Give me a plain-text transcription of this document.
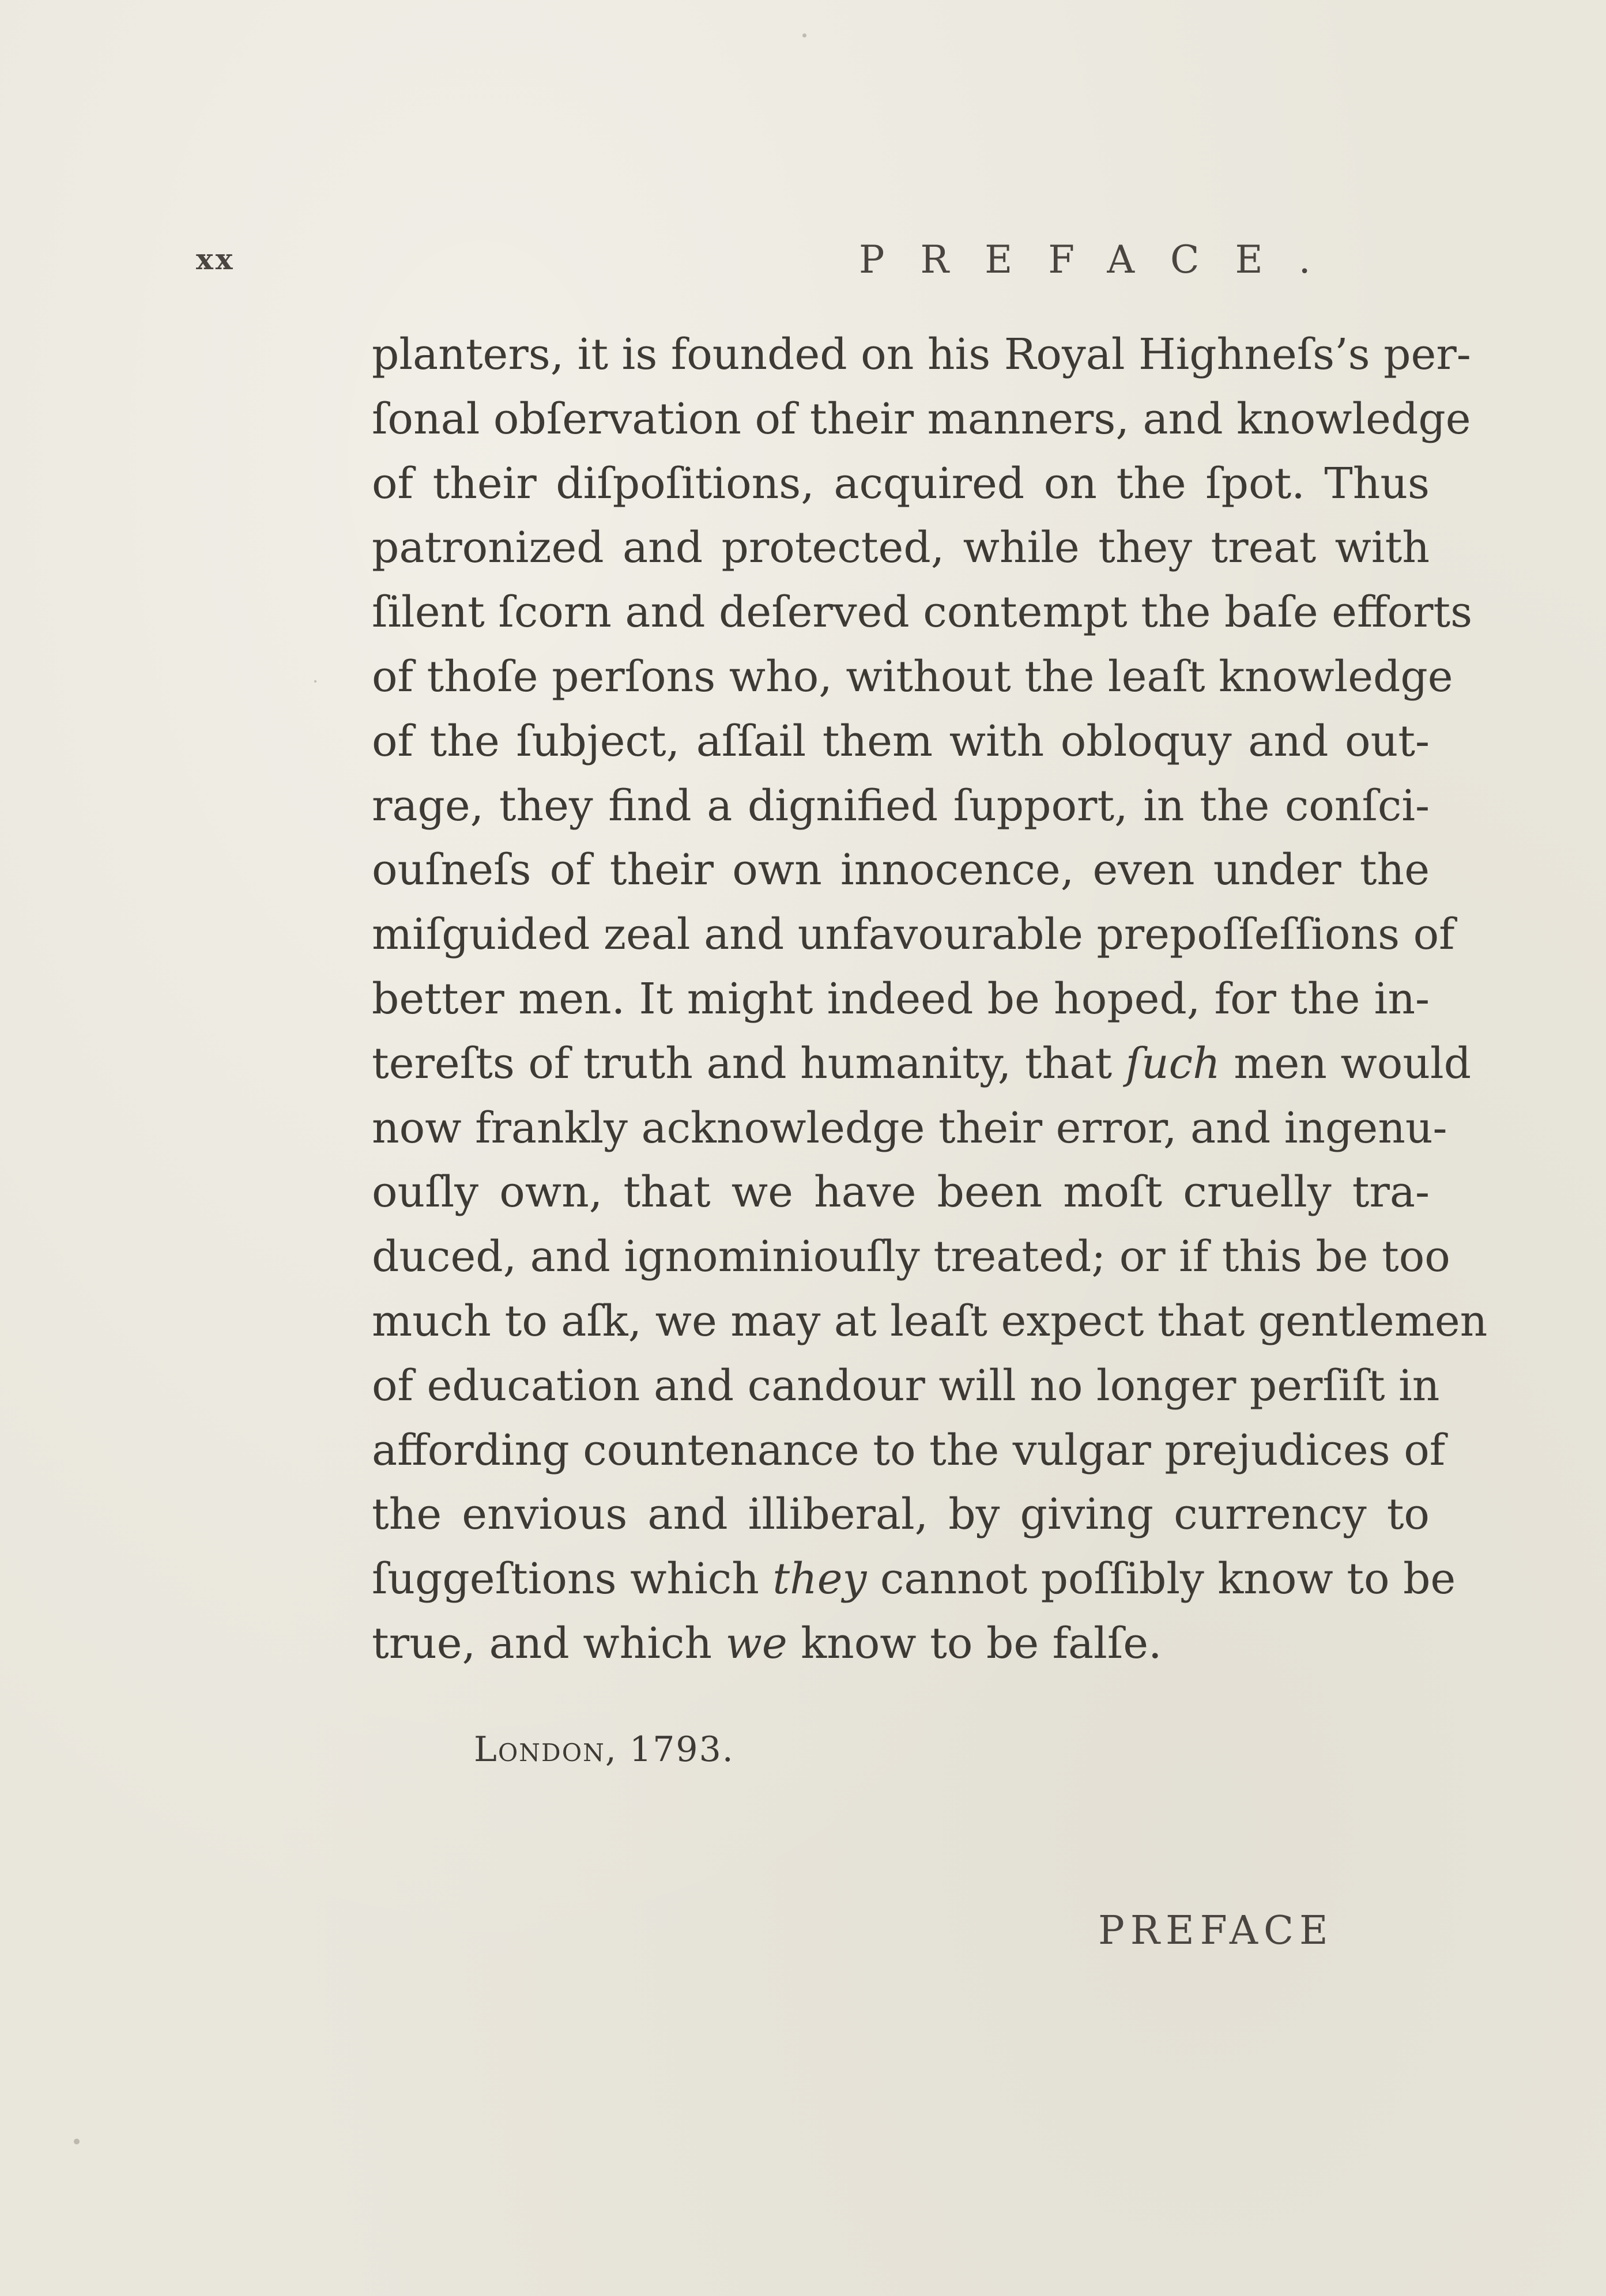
xx	PREFACE.
planters, it is founded on his Royal Highneſs’s per-
ſonal obſervation of their manners, and knowledge
of their diſpoſitions, acquired on the ſpot. Thus
patronized and protected, while they treat with
ſilent ſcorn and deſerved contempt the baſe efforts
of thoſe perſons who, without the leaſt knowledge
of the ſubject, aſſail them with obloquy and out-
rage, they find a dignified ſupport, in the conſci-
ouſneſs of their own innocence, even under the
miſguided zeal and unfavourable prepoſſeſſions of
better men. It might indeed be hoped, for the in-
tereſts of truth and humanity, that ſuch men would
now frankly acknowledge their error, and ingenu-
ouſly own, that we have been moſt cruelly tra-
duced, and ignominiouſly treated; or if this be too
much to aſk, we may at leaſt expect that gentlemen
of education and candour will no longer perſiſt in
affording countenance to the vulgar prejudices of
the envious and illiberal, by giving currency to
ſuggeſtions which they cannot poſſibly know to be
true, and which we know to be falſe.
London, 1793.
PREFACE
